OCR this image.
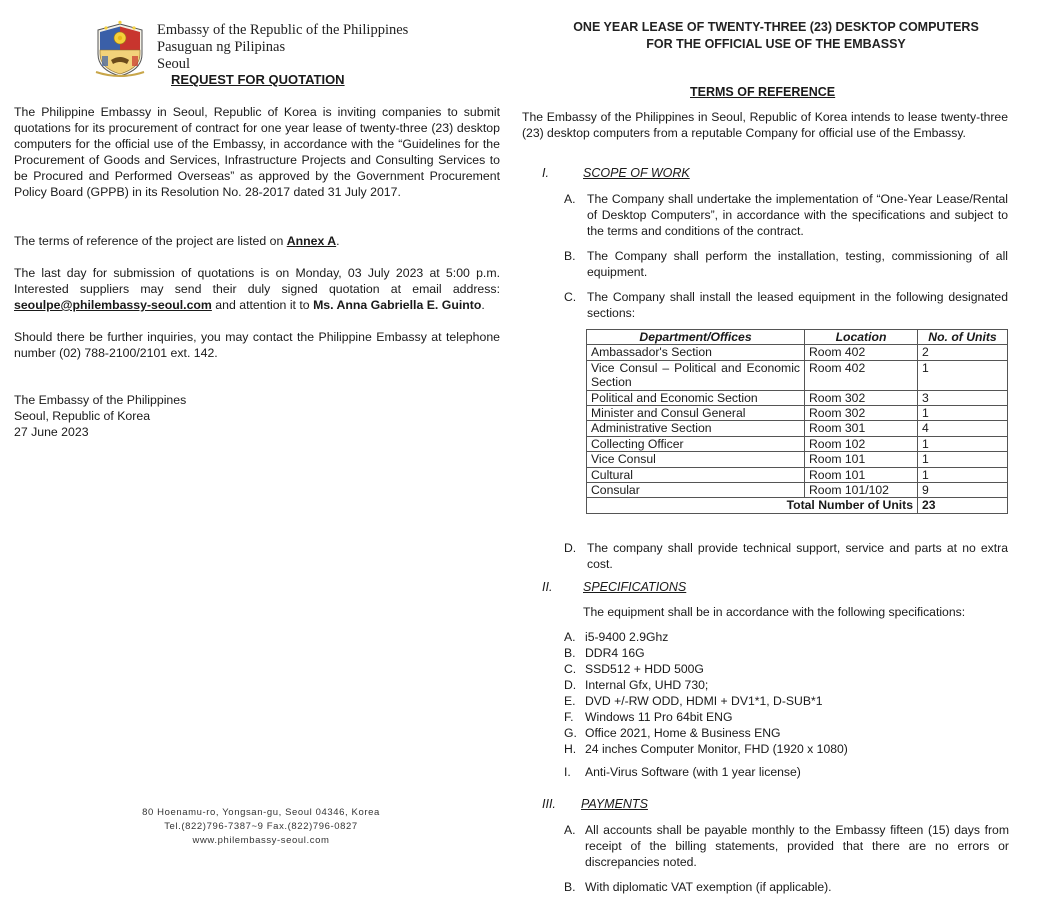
Embassy of the Republic of the Philippines
Pasuguan ng Pilipinas
Seoul
REQUEST FOR QUOTATION

The Philippine Embassy in Seoul, Republic of Korea is inviting companies to submit quotations for its procurement of contract for one year lease of twenty-three (23) desktop computers for the official use of the Embassy, in accordance with the “Guidelines for the Procurement of Goods and Services, Infrastructure Projects and Consulting Services to be Procured and Performed Overseas” as approved by the Government Procurement Policy Board (GPPB) in its Resolution No. 28-2017 dated 31 July 2017.

The terms of reference of the project are listed on Annex A.

The last day for submission of quotations is on Monday, 03 July 2023 at 5:00 p.m. Interested suppliers may send their duly signed quotation at email address: seoulpe@philembassy-seoul.com and attention it to Ms. Anna Gabriella E. Guinto.

Should there be further inquiries, you may contact the Philippine Embassy at telephone number (02) 788-2100/2101 ext. 142.

The Embassy of the Philippines
Seoul, Republic of Korea
27 June 2023
80 Hoenamu-ro, Yongsan-gu, Seoul 04346, Korea
Tel.(822)796-7387~9 Fax.(822)796-0827
www.philembassy-seoul.com
ONE YEAR LEASE OF TWENTY-THREE (23) DESKTOP COMPUTERS
FOR THE OFFICIAL USE OF THE EMBASSY
TERMS OF REFERENCE

The Embassy of the Philippines in Seoul, Republic of Korea intends to lease twenty-three (23) desktop computers from a reputable Company for official use of the Embassy.

I.	SCOPE OF WORK
A. The Company shall undertake the implementation of “One-Year Lease/Rental of Desktop Computers”, in accordance with the specifications and subject to the terms and conditions of the contract.

B. The Company shall perform the installation, testing, commissioning of all equipment.

C. The Company shall install the leased equipment in the following designated sections:

Department/Offices	Location	No. of Units
Ambassador's Section	Room 402	2
Vice Consul – Political and Economic Section	Room 402	1
Political and Economic Section	Room 302	3
Minister and Consul General	Room 302	1
Administrative Section	Room 301	4
Collecting Officer	Room 102	1
Vice Consul	Room 101	1
Cultural	Room 101	1
Consular	Room 101/102	9
Total Number of Units		23
D. The company shall provide technical support, service and parts at no extra cost.

II. SPECIFICATIONS
The equipment shall be in accordance with the following specifications:
A. i5-9400 2.9Ghz
B. DDR4 16G
C. SSD512 + HDD 500G
D. Internal Gfx, UHD 730;
E. DVD +/-RW ODD, HDMI + DV1*1, D-SUB*1
F. Windows 11 Pro 64bit ENG
G. Office 2021, Home & Business ENG
H. 24 inches Computer Monitor, FHD (1920 x 1080)
I. Anti-Virus Software (with 1 year license)
III. PAYMENTS
A. All accounts shall be payable monthly to the Embassy fifteen (15) days from receipt of the billing statements, provided that there are no errors or discrepancies noted.

B. With diplomatic VAT exemption (if applicable).
